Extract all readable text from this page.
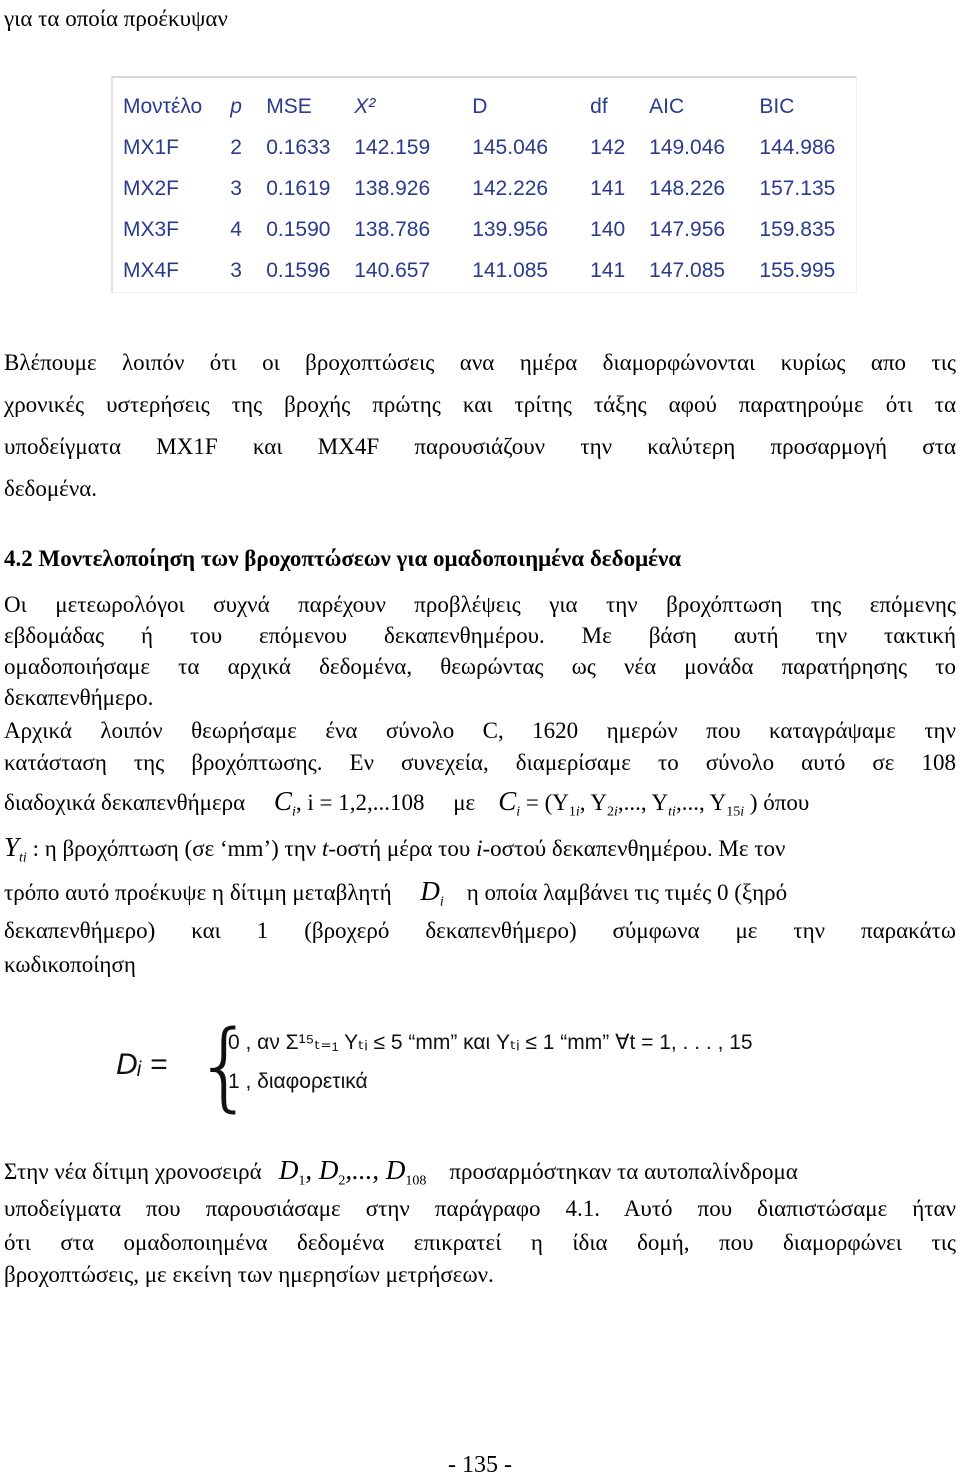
για τα οποία προέκυψαν
Μοντέλο	p	MSE	X²	D	df	AIC	BIC
MX1F	2	0.1633	142.159	145.046	142	149.046	144.986
MX2F	3	0.1619	138.926	142.226	141	148.226	157.135
MX3F	4	0.1590	138.786	139.956	140	147.956	159.835
MX4F	3	0.1596	140.657	141.085	141	147.085	155.995
Βλέπουμε λοιπόν ότι οι βροχοπτώσεις ανα ημέρα διαμορφώνονται κυρίως απο τις
χρονικές υστερήσεις της βροχής πρώτης και τρίτης τάξης αφού παρατηρούμε ότι τα
υποδείγματα MX1F και MX4F παρουσιάζουν την καλύτερη προσαρμογή στα
δεδομένα.
4.2 Μοντελοποίηση των βροχοπτώσεων για ομαδοποιημένα δεδομένα
Οι μετεωρολόγοι συχνά παρέχουν προβλέψεις για την βροχόπτωση της επόμενης
εβδομάδας ή του επόμενου δεκαπενθημέρου. Με βάση αυτή την τακτική
ομαδοποιήσαμε τα αρχικά δεδομένα, θεωρώντας ως νέα μονάδα παρατήρησης το
δεκαπενθήμερο.
Αρχικά λοιπόν θεωρήσαμε ένα σύνολο C, 1620 ημερών που καταγράψαμε την
κατάσταση της βροχόπτωσης. Εν συνεχεία, διαμερίσαμε το σύνολο αυτό σε 108
διαδοχικά δεκαπενθήμερα $C_i$, i = 1,2,...108 με $C_i = (Y_{1i}$, $Y_{2i}$,..., $Y_{ti}$,..., $Y_{15i}$ ) όπου
$Y_{ti}$ : η βροχόπτωση (σε ‘mm’) την t-οστή μέρα του i-οστού δεκαπενθημέρου. Με τον
τρόπο αυτό προέκυψε η δίτιμη μεταβλητή $D_i$ η οποία λαμβάνει τις τιμές 0 (ξηρό
δεκαπενθήμερο) και 1 (βροχερό δεκαπενθήμερο) σύμφωνα με την παρακάτω
κωδικοποίηση
Dᵢ = {
0 , αν Σ¹⁵ₜ₌₁ Yₜᵢ ≤ 5 “mm” και Yₜᵢ ≤ 1 “mm” ∀t = 1, . . . , 15
1 , διαφορετικά
Στην νέα δίτιμη χρονοσειρά $D_1$, $D_2$,..., $D_{108}$ προσαρμόστηκαν τα αυτοπαλίνδρομα
υποδείγματα που παρουσιάσαμε στην παράγραφο 4.1. Αυτό που διαπιστώσαμε ήταν
ότι στα ομαδοποιημένα δεδομένα επικρατεί η ίδια δομή, που διαμορφώνει τις
βροχοπτώσεις, με εκείνη των ημερησίων μετρήσεων.
- 135 -
